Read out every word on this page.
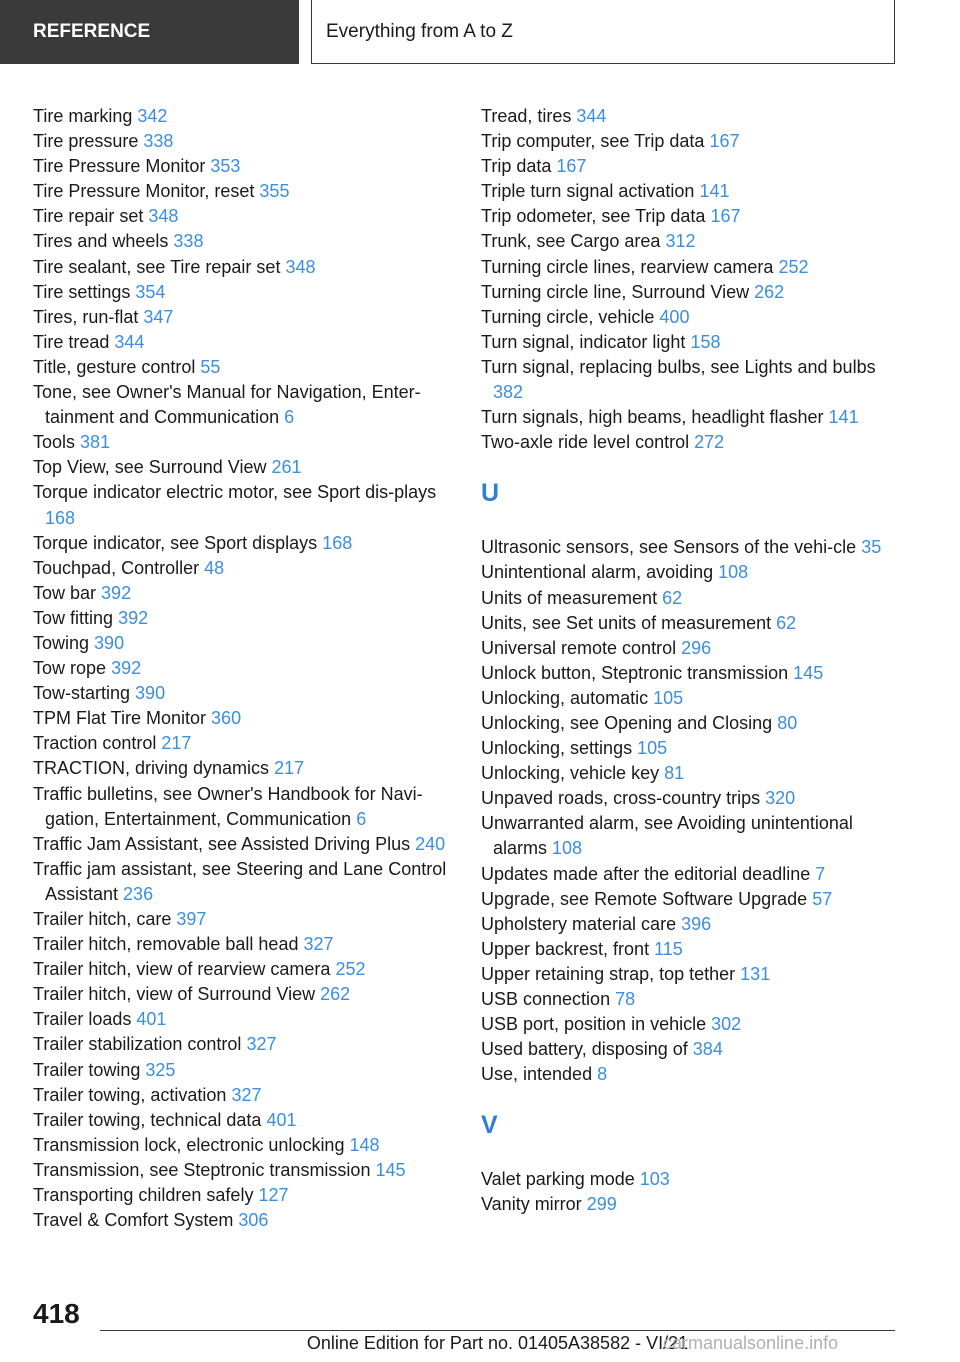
REFERENCE	Everything from A to Z
Tire marking 342
Tire pressure 338
Tire Pressure Monitor 353
Tire Pressure Monitor, reset 355
Tire repair set 348
Tires and wheels 338
Tire sealant, see Tire repair set 348
Tire settings 354
Tires, run-flat 347
Tire tread 344
Title, gesture control 55
Tone, see Owner's Manual for Navigation, Enter‐tainment and Communication 6
Tools 381
Top View, see Surround View 261
Torque indicator electric motor, see Sport dis‐plays 168
Torque indicator, see Sport displays 168
Touchpad, Controller 48
Tow bar 392
Tow fitting 392
Towing 390
Tow rope 392
Tow-starting 390
TPM Flat Tire Monitor 360
Traction control 217
TRACTION, driving dynamics 217
Traffic bulletins, see Owner's Handbook for Navi‐gation, Entertainment, Communication 6
Traffic Jam Assistant, see Assisted Driving Plus 240
Traffic jam assistant, see Steering and Lane Control Assistant 236
Trailer hitch, care 397
Trailer hitch, removable ball head 327
Trailer hitch, view of rearview camera 252
Trailer hitch, view of Surround View 262
Trailer loads 401
Trailer stabilization control 327
Trailer towing 325
Trailer towing, activation 327
Trailer towing, technical data 401
Transmission lock, electronic unlocking 148
Transmission, see Steptronic transmission 145
Transporting children safely 127
Travel & Comfort System 306
Tread, tires 344
Trip computer, see Trip data 167
Trip data 167
Triple turn signal activation 141
Trip odometer, see Trip data 167
Trunk, see Cargo area 312
Turning circle lines, rearview camera 252
Turning circle line, Surround View 262
Turning circle, vehicle 400
Turn signal, indicator light 158
Turn signal, replacing bulbs, see Lights and bulbs 382
Turn signals, high beams, headlight flasher 141
Two-axle ride level control 272
U
Ultrasonic sensors, see Sensors of the vehi‐cle 35
Unintentional alarm, avoiding 108
Units of measurement 62
Units, see Set units of measurement 62
Universal remote control 296
Unlock button, Steptronic transmission 145
Unlocking, automatic 105
Unlocking, see Opening and Closing 80
Unlocking, settings 105
Unlocking, vehicle key 81
Unpaved roads, cross-country trips 320
Unwarranted alarm, see Avoiding unintentional alarms 108
Updates made after the editorial deadline 7
Upgrade, see Remote Software Upgrade 57
Upholstery material care 396
Upper backrest, front 115
Upper retaining strap, top tether 131
USB connection 78
USB port, position in vehicle 302
Used battery, disposing of 384
Use, intended 8
V
Valet parking mode 103
Vanity mirror 299
418
Online Edition for Part no. 01405A38582 - VI/21
carmanualsonline.info
